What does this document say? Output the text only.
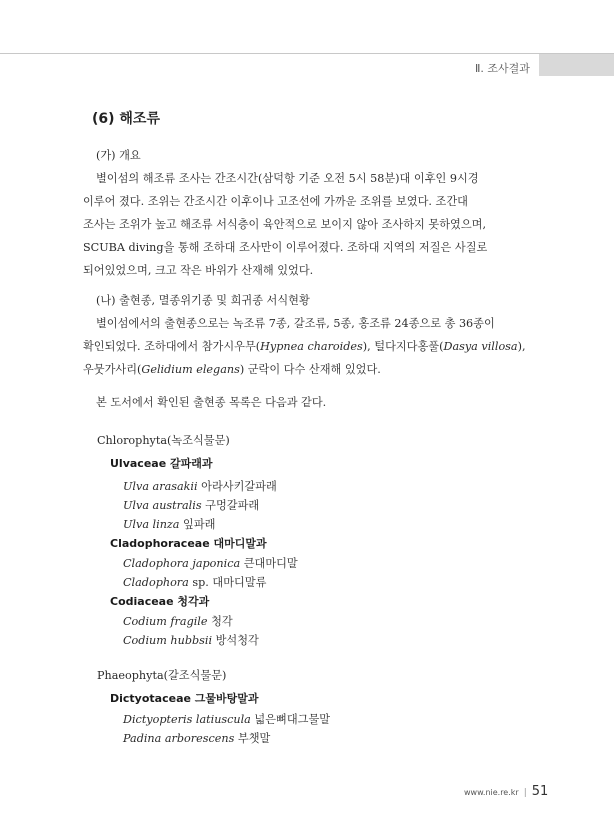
Ⅱ. 조사결과
(6) 해조류
(가) 개요
별이섬의 해조류 조사는 간조시간(삼덕항 기준 오전 5시 58분)대 이후인 9시경
이루어 졌다. 조위는 간조시간 이후이나 고조선에 가까운 조위를 보였다. 조간대
조사는 조위가 높고 해조류 서식층이 육안적으로 보이지 않아 조사하지 못하였으며,
SCUBA diving을 통해 조하대 조사만이 이루어졌다. 조하대 지역의 저질은 사질로
되어있었으며, 크고 작은 바위가 산재해 있었다.
(나) 출현종, 멸종위기종 및 희귀종 서식현황
별이섬에서의 출현종으로는 녹조류 7종, 갈조류, 5종, 홍조류 24종으로 총 36종이
확인되었다. 조하대에서 참가시우무(Hypnea charoides), 털다지다홍풀(Dasya villosa),
우뭇가사리(Gelidium elegans) 군락이 다수 산재해 있었다.
본 도서에서 확인된 출현종 목록은 다음과 같다.
Chlorophyta(녹조식물문)
Ulvaceae 갈파래과
Ulva arasakii 아라사키갈파래
Ulva australis 구멍갈파래
Ulva linza 잎파래
Cladophoraceae 대마디말과
Cladophora japonica 큰대마디말
Cladophora sp. 대마디말류
Codiaceae 청각과
Codium fragile 청각
Codium hubbsii 방석청각
Phaeophyta(갈조식물문)
Dictyotaceae 그물바탕말과
Dictyopteris latiuscula 넓은뼈대그물말
Padina arborescens 부챗말
www.nie.re.kr | 51
